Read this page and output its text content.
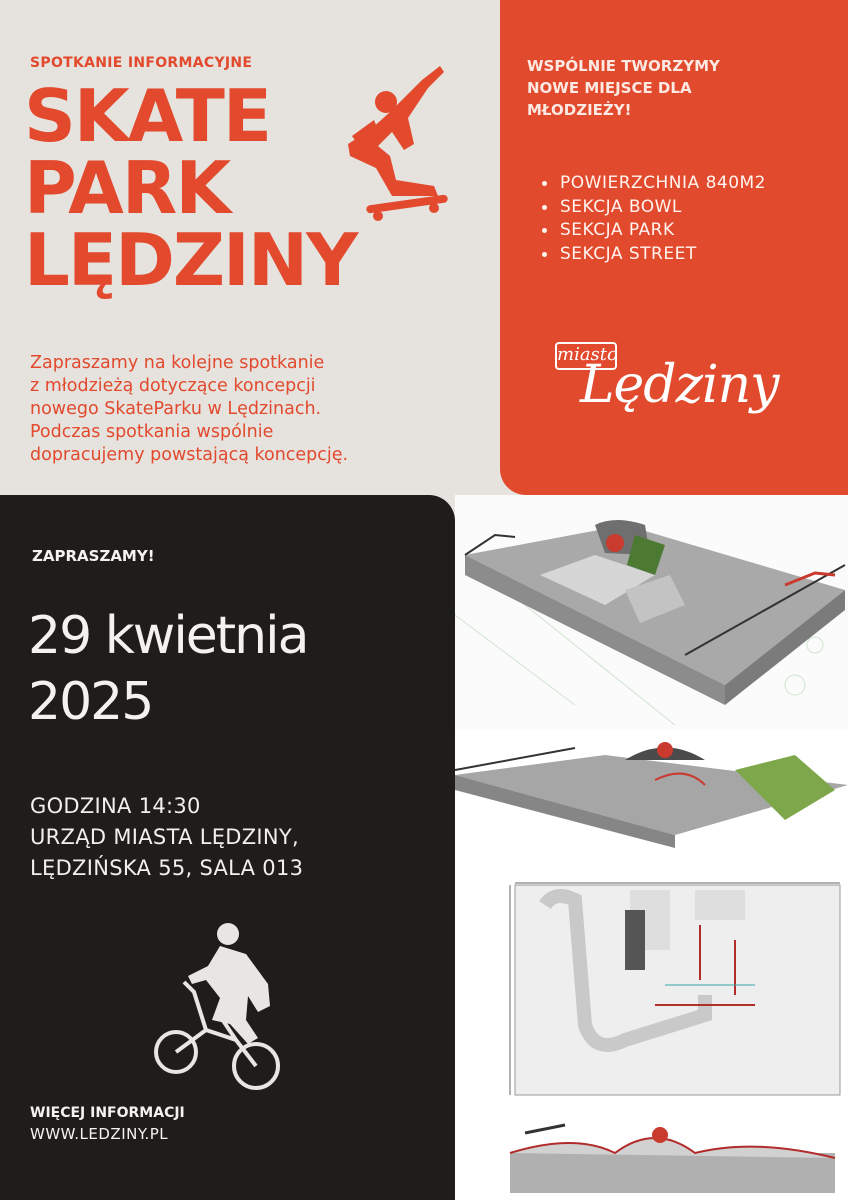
SPOTKANIE INFORMACYJNE
SKATE
PARK
LĘDZINY
Zapraszamy na kolejne spotkanie
z młodzieżą dotyczące koncepcji
nowego SkateParku w Lędzinach.
Podczas spotkania wspólnie
dopracujemy powstającą koncepcję.
WSPÓLNIE TWORZYMY
NOWE MIEJSCE DLA
MŁODZIEŻY!
POWIERZCHNIA 840M2
SEKCJA BOWL
SEKCJA PARK
SEKCJA STREET
miasto
Lędziny
ZAPRASZAMY!
29 kwietnia
2025
GODZINA 14:30
URZĄD MIASTA LĘDZINY,
LĘDZIŃSKA 55, SALA 013
WIĘCEJ INFORMACJI
WWW.LEDZINY.PL
